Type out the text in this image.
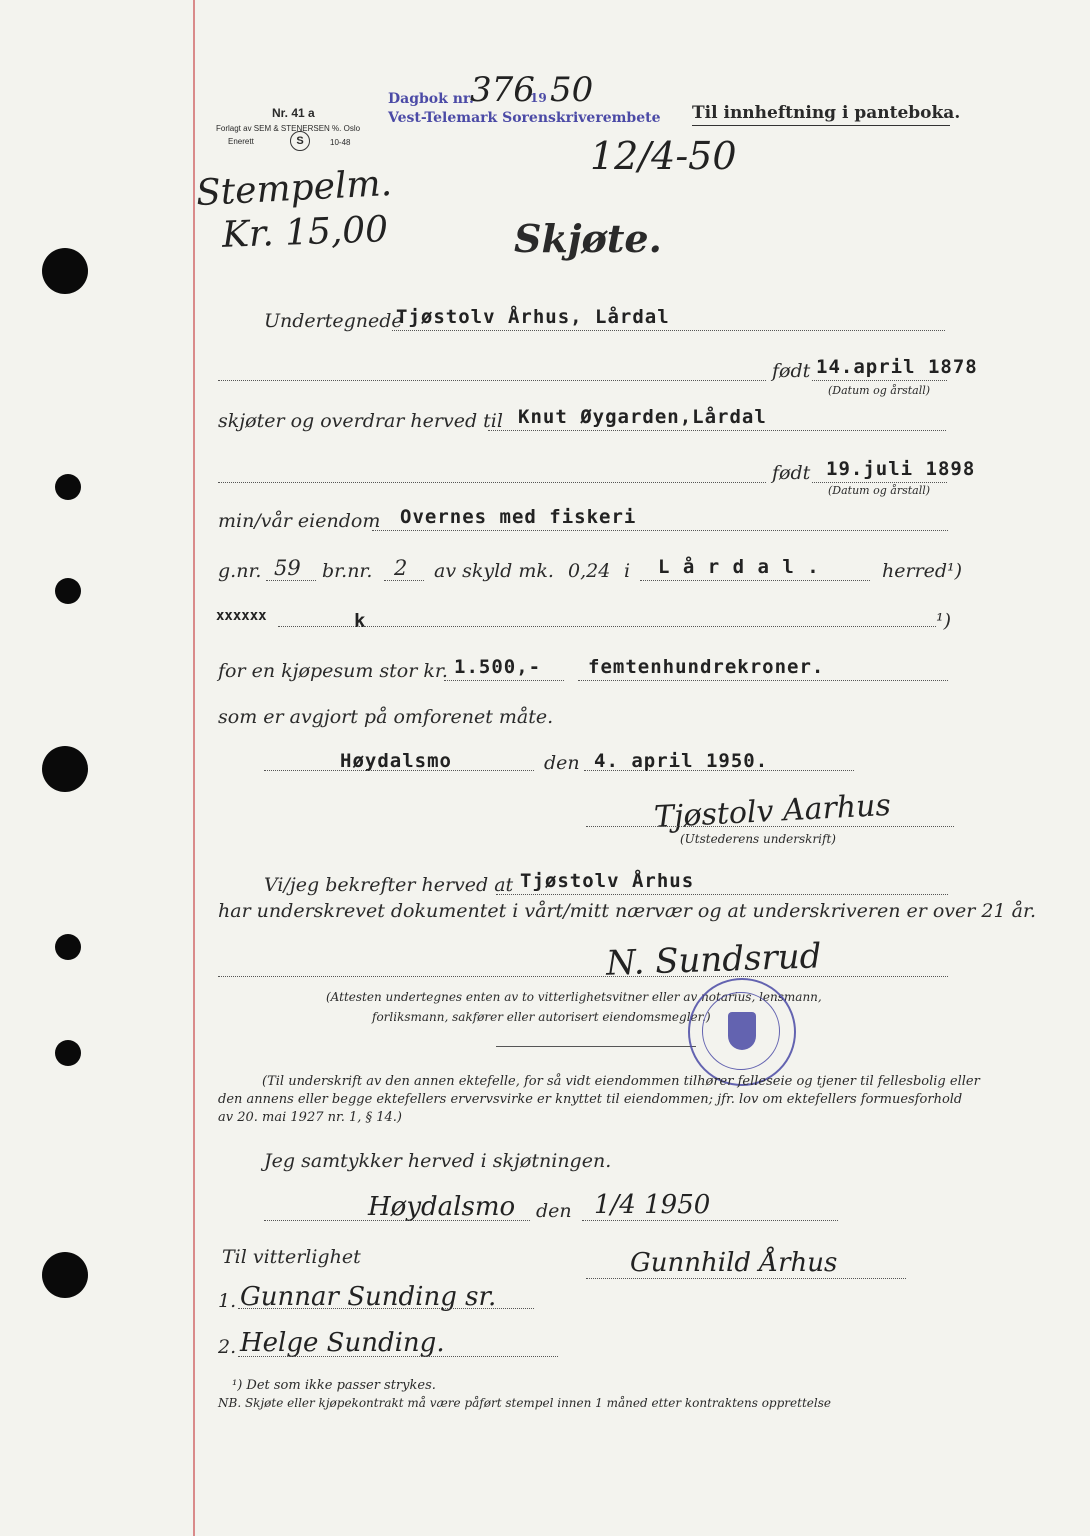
Nr. 41 a
Forlagt av SEM & STENERSEN %. Oslo
Enerett	S	10-48
Dagbok nr.
376
19 50
Vest-Telemark Sorenskriverembete Til innheftning i panteboka.
12/4-50
Stempelm.
Kr. 15,00	Skjøte.
Undertegnede
Tjøstolv Århus, Lårdal
født 14.april 1878
(Datum og årstall)
skjøter og overdrar herved til Knut Øygarden,Lårdal
født 19.juli 1898
(Datum og årstall)
min/vår eiendom Overnes med fiskeri
g.nr. 59 br.nr. 2 av skyld mk. 0,24 i L å r d a l .	herred¹)
xxxxxx	k	¹)
for en kjøpesum stor kr. 1.500,- femtenhundrekroner.
som er avgjort på omforenet måte.
Høydalsmo	den 4. april 1950.
Tjøstolv Aarhus
(Utstederens underskrift)
Vi/jeg bekrefter herved at Tjøstolv Århus
har underskrevet dokumentet i vårt/mitt nærvær og at underskriveren er over 21 år.
N. Sundsrud
(Attesten undertegnes enten av to vitterlighetsvitner eller av notarius, lensmann,
forliksmann, sakfører eller autorisert eiendomsmegler.)
(Til underskrift av den annen ektefelle, for så vidt eiendommen tilhører felleseie og tjener til fellesbolig eller
den annens eller begge ektefellers ervervsvirke er knyttet til eiendommen; jfr. lov om ektefellers formuesforhold
av 20. mai 1927 nr. 1, § 14.)
Jeg samtykker herved i skjøtningen.
Høydalsmo den 1/4 1950
Gunnhild Århus
Til vitterlighet
1. Gunnar Sunding sr.
2. Helge Sunding.
¹) Det som ikke passer strykes.
NB. Skjøte eller kjøpekontrakt må være påført stempel innen 1 måned etter kontraktens opprettelse
